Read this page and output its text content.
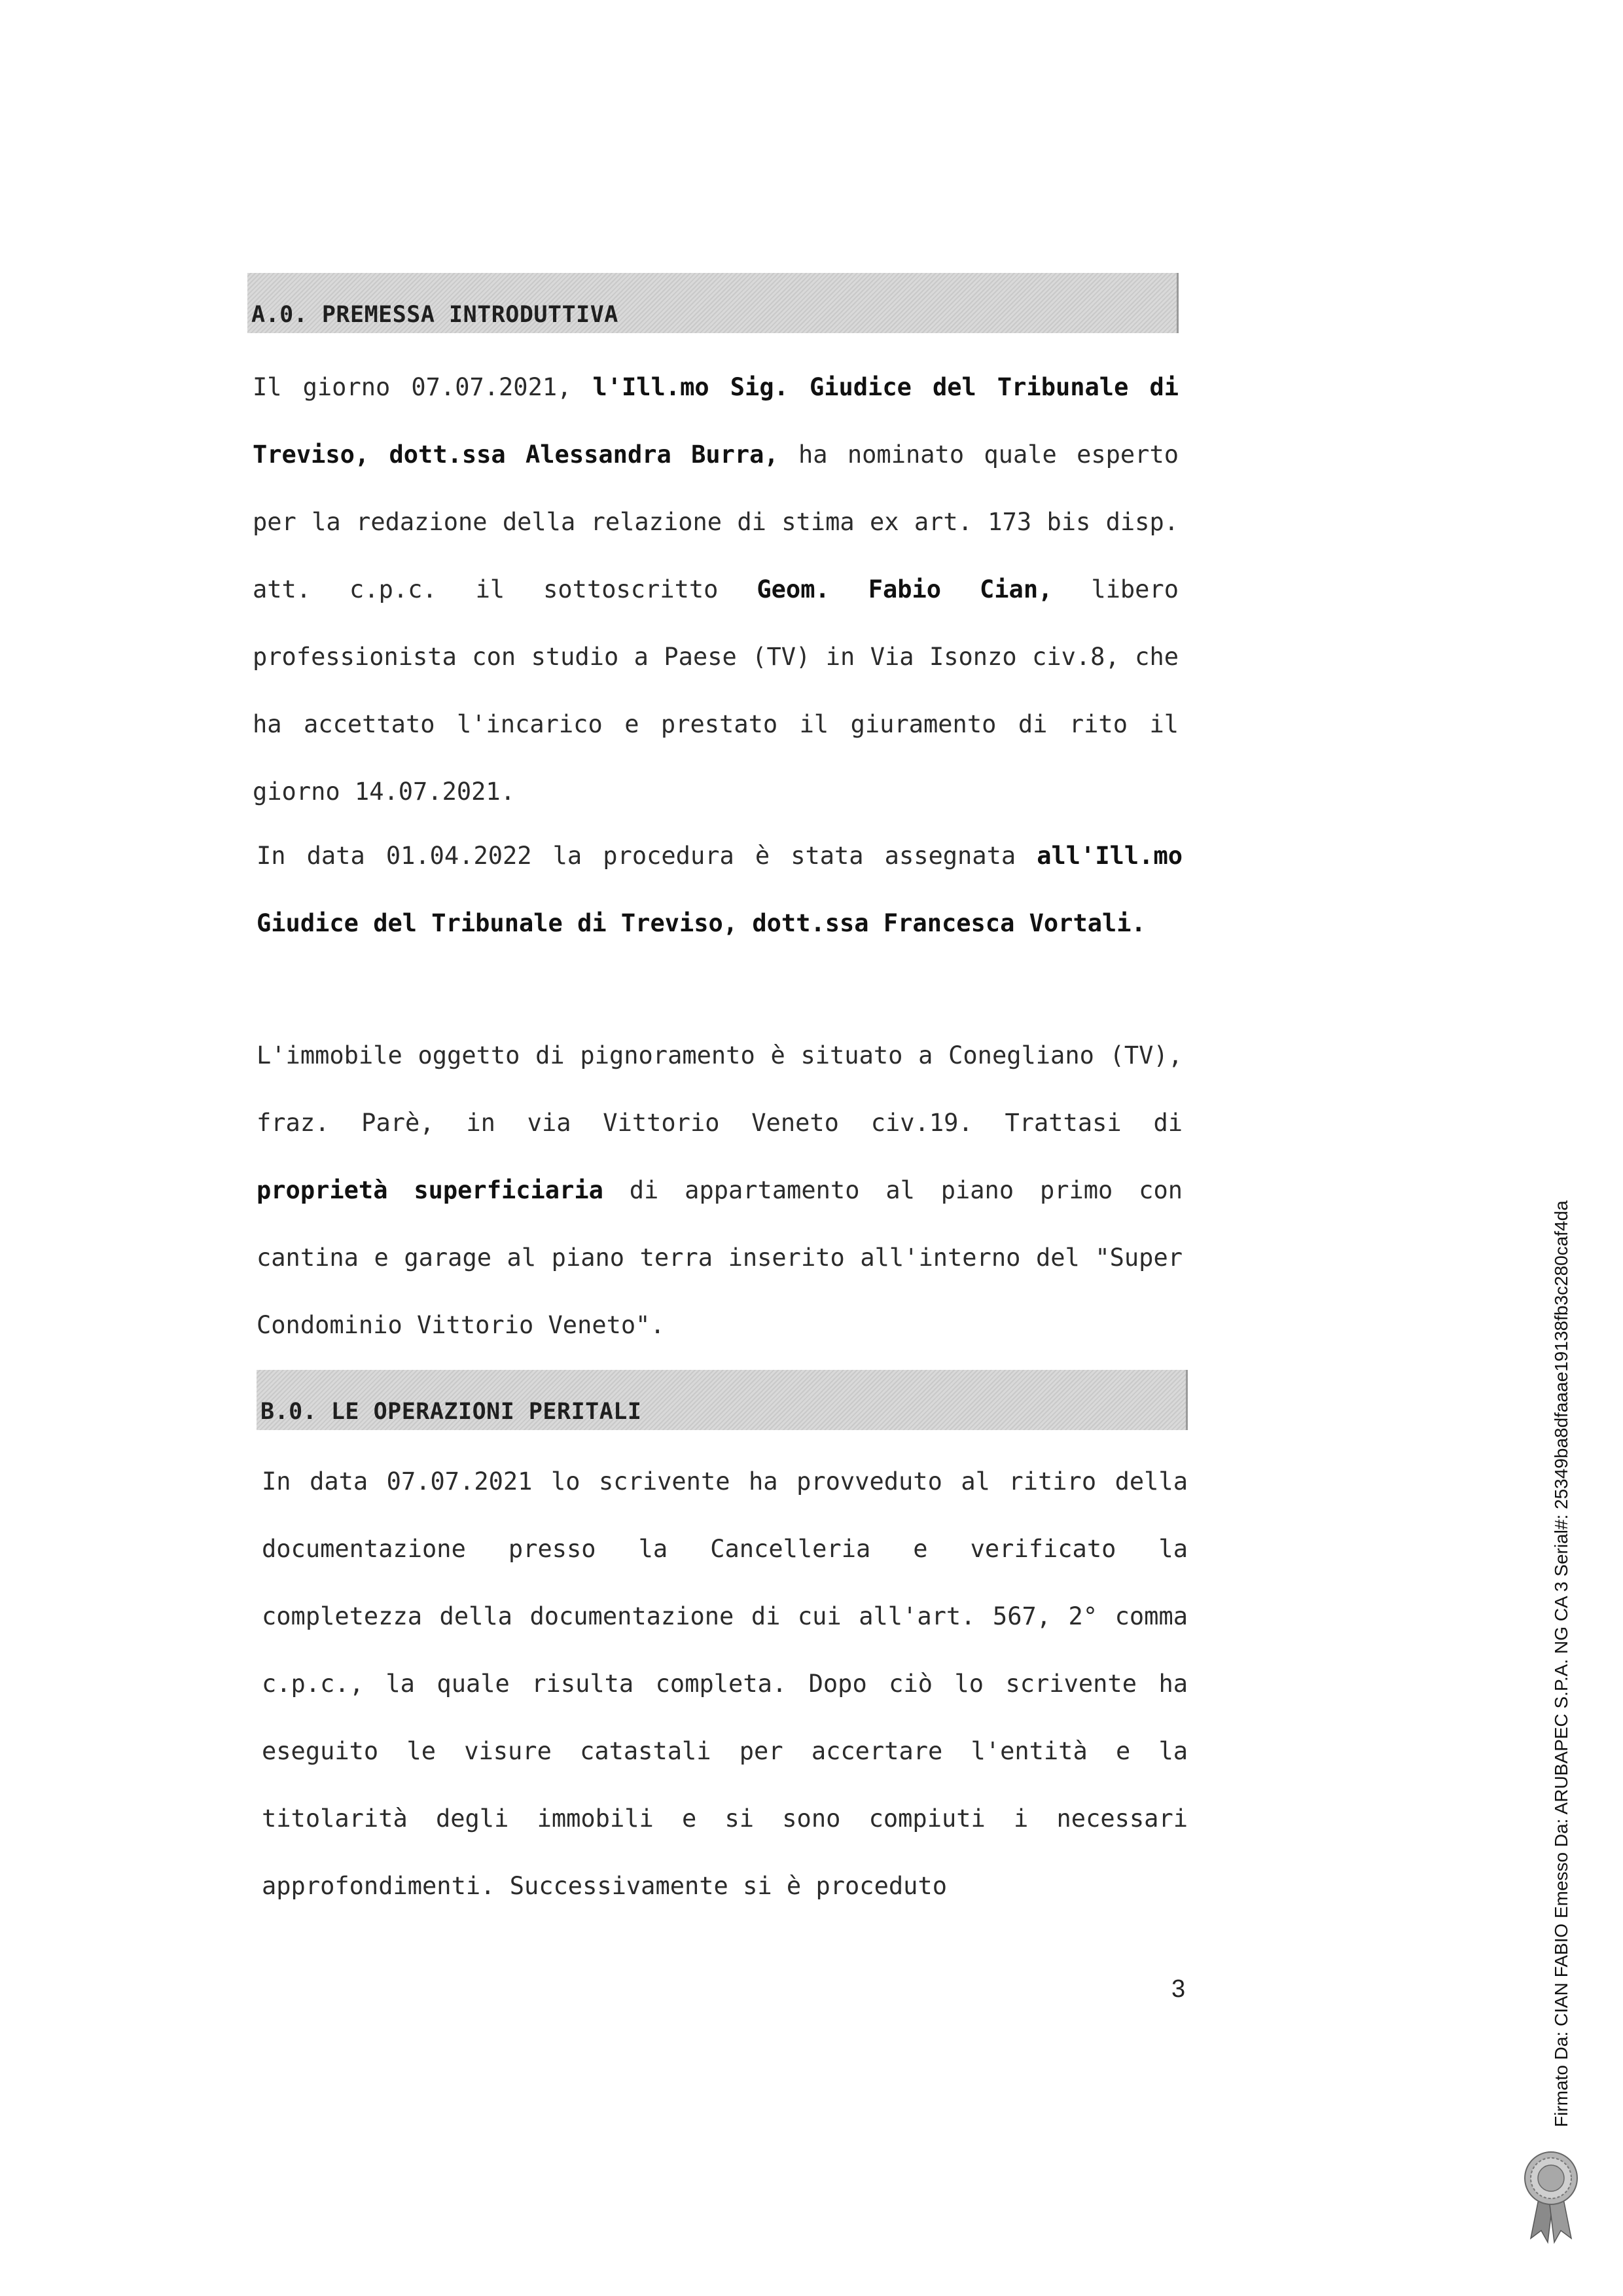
A.0. PREMESSA INTRODUTTIVA
Il giorno 07.07.2021, l'Ill.mo Sig. Giudice del Tribunale di Treviso, dott.ssa Alessandra Burra, ha nominato quale esperto per la redazione della relazione di stima ex art. 173 bis disp. att. c.p.c. il sottoscritto Geom. Fabio Cian, libero professionista con studio a Paese (TV) in Via Isonzo civ.8, che ha accettato l'incarico e prestato il giuramento di rito il giorno 14.07.2021.
In data 01.04.2022 la procedura è stata assegnata all'Ill.mo Giudice del Tribunale di Treviso, dott.ssa Francesca Vortali.
L'immobile oggetto di pignoramento è situato a Conegliano (TV), fraz. Parè, in via Vittorio Veneto civ.19. Trattasi di proprietà superficiaria di appartamento al piano primo con cantina e garage al piano terra inserito all'interno del "Super Condominio Vittorio Veneto".
B.0. LE OPERAZIONI PERITALI
In data 07.07.2021 lo scrivente ha provveduto al ritiro della documentazione presso la Cancelleria e verificato la completezza della documentazione di cui all'art. 567, 2° comma c.p.c., la quale risulta completa. Dopo ciò lo scrivente ha eseguito le visure catastali per accertare l'entità e la titolarità degli immobili e si sono compiuti i necessari approfondimenti. Successivamente si è proceduto
3	Firmato Da: CIAN FABIO Emesso Da: ARUBAPEC S.P.A. NG CA 3 Serial#: 25349ba8dfaaae19138fb3c280caf4da
